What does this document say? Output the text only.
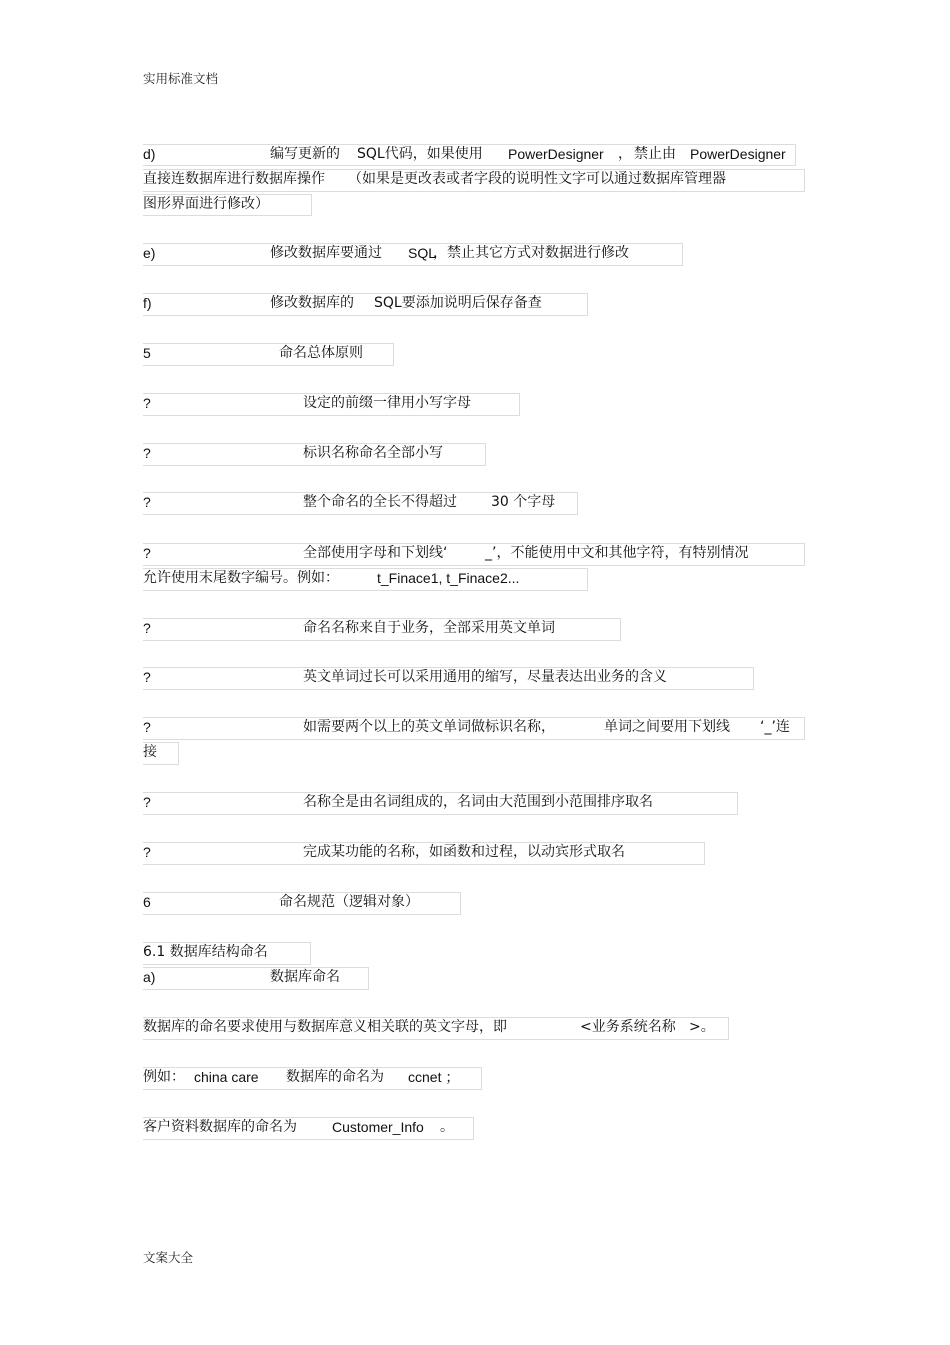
实用标准文档
文案大全
d)	编写更新的 SQL代码，如果使用 PowerDesigner ， 禁止由 PowerDesigner
直接连数据库进行数据库操作 （如果是更改表或者字段的说明性文字可以通过数据库管理器
图形界面进行修改）
e)	修改数据库要通过 SQL
，禁止其它方式对数据进行修改
f)	修改数据库的 SQL要添加说明后保存备查
5	命名总体原则
?	设定的前缀一律用小写字母
?	标识名称命名全部小写
?	整个命名的全长不得超过 30 个字母
?	全部使用字母和下划线‘	_’，不能使用中文和其他字符，有特别情况
允许使用末尾数字编号。例如：	t_Finace1, t_Finace2...
?	命名名称来自于业务，全部采用英文单词
?	英文单词过长可以采用通用的缩写，尽量表达出业务的含义
?	如需要两个以上的英文单词做标识名称，	单词之间要用下划线 ‘_’连
接
?	名称全是由名词组成的，名词由大范围到小范围排序取名
?	完成某功能的名称，如函数和过程，以动宾形式取名
6	命名规范（逻辑对象）
6.1 数据库结构命名
a)	数据库命名
数据库的命名要求使用与数据库意义相关联的英文字母，即	<业务系统名称 >。
例如： china care 数据库的命名为 ccnet ；
客户资料数据库的命名为	Customer_Info 。
